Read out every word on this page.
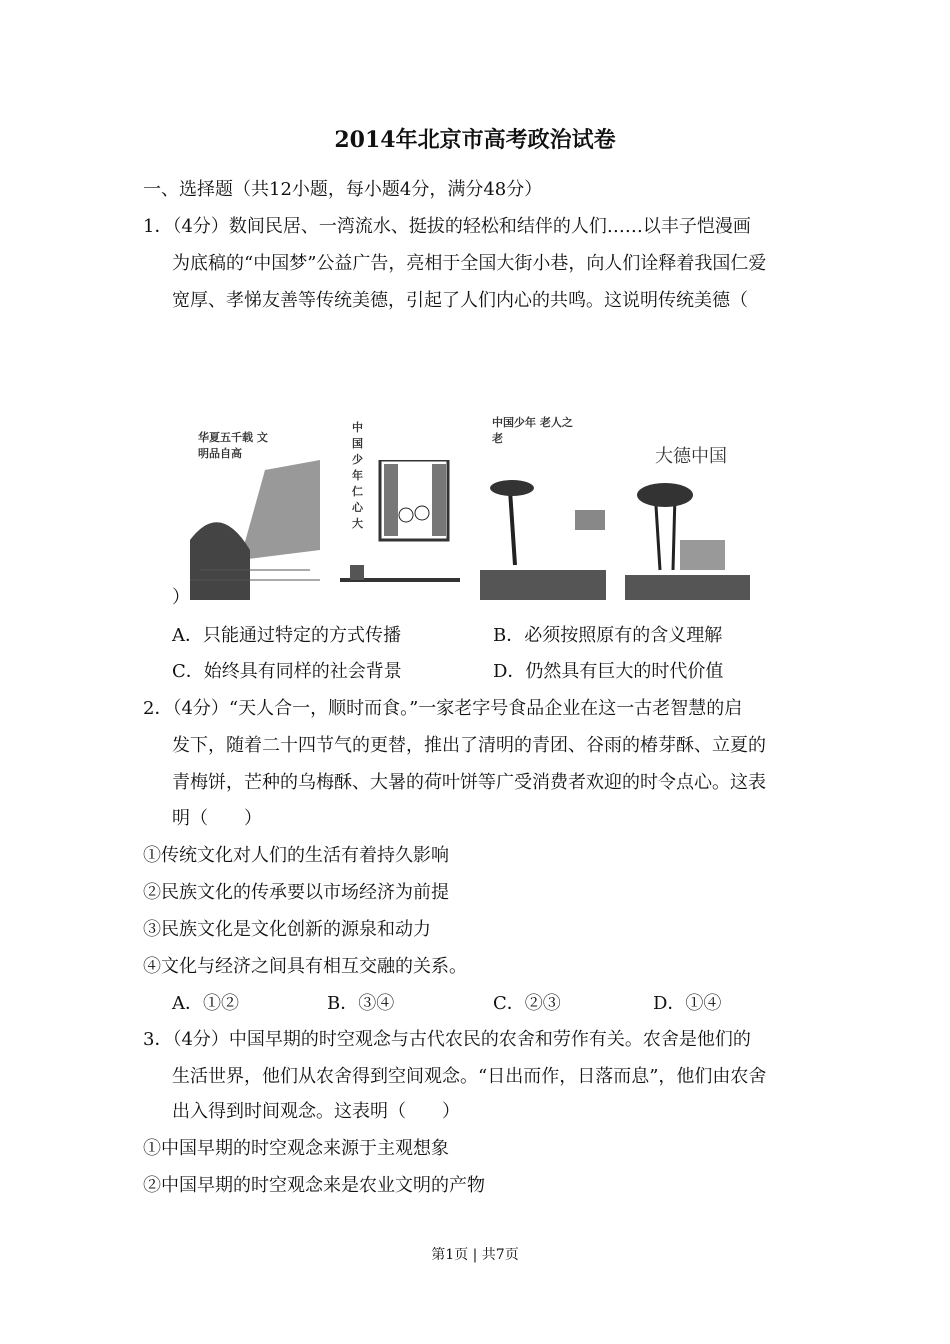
2014年北京市高考政治试卷
一、选择题（共12小题，每小题4分，满分48分）
1．（4分）数间民居、一湾流水、挺拔的轻松和结伴的人们……以丰子恺漫画
为底稿的“中国梦”公益广告，亮相于全国大街小巷，向人们诠释着我国仁爱
宽厚、孝悌友善等传统美德，引起了人们内心的共鸣。这说明传统美德（
华夏五千载 文明品自高
中国少年 仁心大
中国少年 老人之老
大德中国
）
A．只能通过特定的方式传播	B．必须按照原有的含义理解
C．始终具有同样的社会背景	D．仍然具有巨大的时代价值
2．（4分）“天人合一，顺时而食。”一家老字号食品企业在这一古老智慧的启
发下，随着二十四节气的更替，推出了清明的青团、谷雨的椿芽酥、立夏的
青梅饼，芒种的乌梅酥、大暑的荷叶饼等广受消费者欢迎的时令点心。这表
明（　　）
①传统文化对人们的生活有着持久影响
②民族文化的传承要以市场经济为前提
③民族文化是文化创新的源泉和动力
④文化与经济之间具有相互交融的关系。
A．①②	B．③④	C．②③	D．①④
3．（4分）中国早期的时空观念与古代农民的农舍和劳作有关。农舍是他们的
生活世界，他们从农舍得到空间观念。“日出而作，日落而息”，他们由农舍
出入得到时间观念。这表明（　　）
①中国早期的时空观念来源于主观想象
②中国早期的时空观念来是农业文明的产物
第1页 | 共7页
